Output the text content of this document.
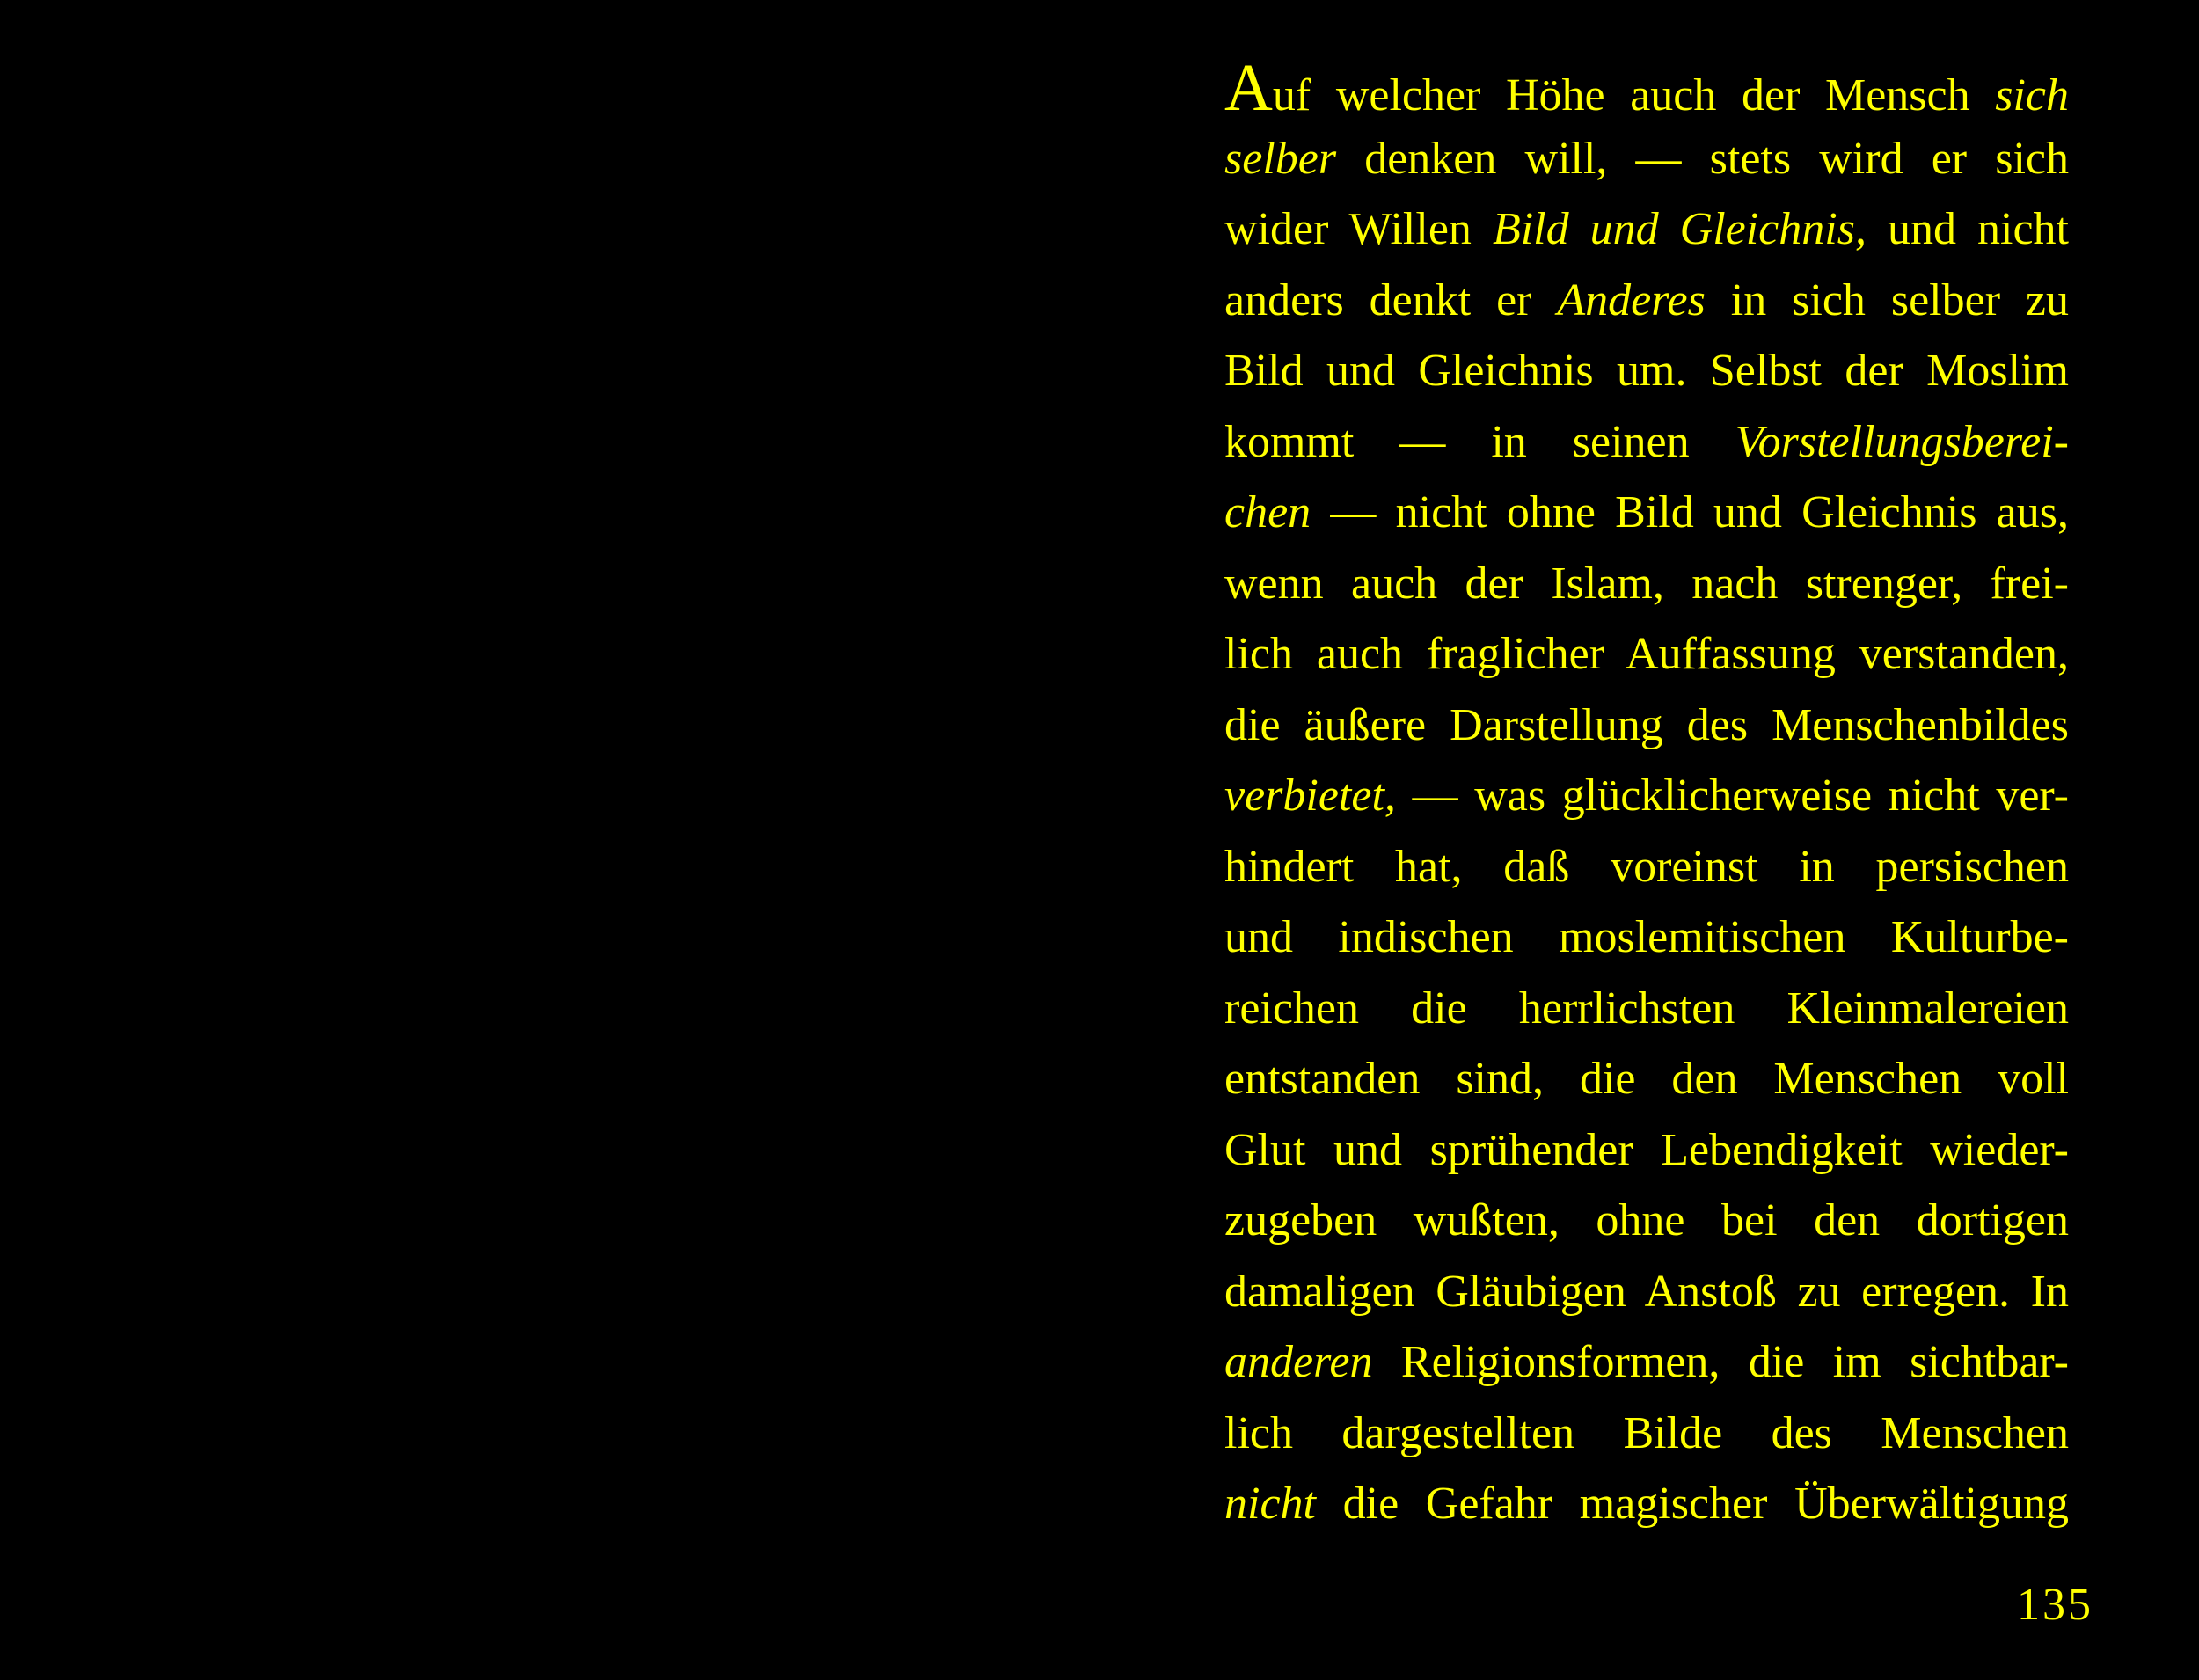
Auf welcher Höhe auch der Mensch sich
selber denken will, — stets wird er sich
wider Willen Bild und Gleichnis, und nicht
anders denkt er Anderes in sich selber zu
Bild und Gleichnis um. Selbst der Moslim
kommt — in seinen Vorstellungsberei-
chen — nicht ohne Bild und Gleichnis aus,
wenn auch der Islam, nach strenger, frei-
lich auch fraglicher Auffassung verstanden,
die äußere Darstellung des Menschenbildes
verbietet, — was glücklicherweise nicht ver-
hindert hat, daß voreinst in persischen
und indischen moslemitischen Kulturbe-
reichen die herrlichsten Kleinmalereien
entstanden sind, die den Menschen voll
Glut und sprühender Lebendigkeit wieder-
zugeben wußten, ohne bei den dortigen
damaligen Gläubigen Anstoß zu erregen. In
anderen Religionsformen, die im sichtbar-
lich dargestellten Bilde des Menschen
nicht die Gefahr magischer Überwältigung
135
